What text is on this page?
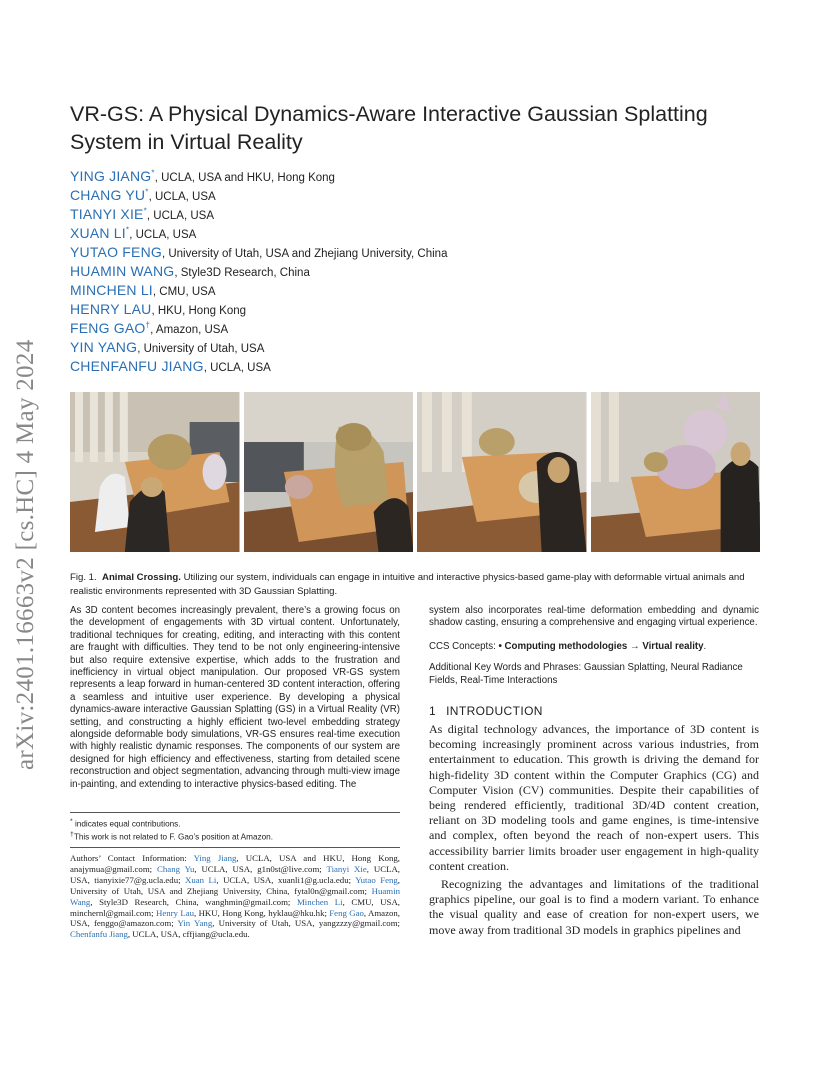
arXiv:2401.16663v2 [cs.HC] 4 May 2024
VR-GS: A Physical Dynamics-Aware Interactive Gaussian Splatting System in Virtual Reality
YING JIANG*, UCLA, USA and HKU, Hong Kong
CHANG YU*, UCLA, USA
TIANYI XIE*, UCLA, USA
XUAN LI*, UCLA, USA
YUTAO FENG, University of Utah, USA and Zhejiang University, China
HUAMIN WANG, Style3D Research, China
MINCHEN LI, CMU, USA
HENRY LAU, HKU, Hong Kong
FENG GAO†, Amazon, USA
YIN YANG, University of Utah, USA
CHENFANFU JIANG, UCLA, USA
Fig. 1. Animal Crossing. Utilizing our system, individuals can engage in intuitive and interactive physics-based game-play with deformable virtual animals and realistic environments represented with 3D Gaussian Splatting.
As 3D content becomes increasingly prevalent, there’s a growing focus on the development of engagements with 3D virtual content. Unfortunately, traditional techniques for creating, editing, and interacting with this content are fraught with difficulties. They tend to be not only engineering-intensive but also require extensive expertise, which adds to the frustration and inefficiency in virtual object manipulation. Our proposed VR-GS system represents a leap forward in human-centered 3D content interaction, offering a seamless and intuitive user experience. By developing a physical dynamics-aware interactive Gaussian Splatting (GS) in a Virtual Reality (VR) setting, and constructing a highly efficient two-level embedding strategy alongside deformable body simulations, VR-GS ensures real-time execution with highly realistic dynamic responses. The components of our system are designed for high efficiency and effectiveness, starting from detailed scene reconstruction and object segmentation, advancing through multi-view image in-painting, and extending to interactive physics-based editing. The
* indicates equal contributions.
†This work is not related to F. Gao’s position at Amazon.
Authors’ Contact Information: Ying Jiang, UCLA, USA and HKU, Hong Kong, anajymua@gmail.com; Chang Yu, UCLA, USA, g1n0st@live.com; Tianyi Xie, UCLA, USA, tianyixie77@g.ucla.edu; Xuan Li, UCLA, USA, xuanli1@g.ucla.edu; Yutao Feng, University of Utah, USA and Zhejiang University, China, fytal0n@gmail.com; Huamin Wang, Style3D Research, China, wanghmin@gmail.com; Minchen Li, CMU, USA, minchernl@gmail.com; Henry Lau, HKU, Hong Kong, hyklau@hku.hk; Feng Gao, Amazon, USA, fenggo@amazon.com; Yin Yang, University of Utah, USA, yangzzzy@gmail.com; Chenfanfu Jiang, UCLA, USA, cffjiang@ucla.edu.

system also incorporates real-time deformation embedding and dynamic shadow casting, ensuring a comprehensive and engaging virtual experience.

CCS Concepts: • Computing methodologies → Virtual reality.

Additional Key Words and Phrases: Gaussian Splatting, Neural Radiance Fields, Real-Time Interactions

1 INTRODUCTION

As digital technology advances, the importance of 3D content is becoming increasingly prominent across various industries, from entertainment to education. This growth is driving the demand for high-fidelity 3D content within the Computer Graphics (CG) and Computer Vision (CV) communities. Despite their capabilities of being rendered efficiently, traditional 3D/4D content creation, reliant on 3D modeling tools and game engines, is time-intensive and complex, often beyond the reach of non-expert users. This accessibility barrier limits broader user engagement in high-quality content creation.

Recognizing the advantages and limitations of the traditional graphics pipeline, our goal is to find a modern variant. To enhance the visual quality and ease of creation for non-expert users, we move away from traditional 3D models in graphics pipelines and
